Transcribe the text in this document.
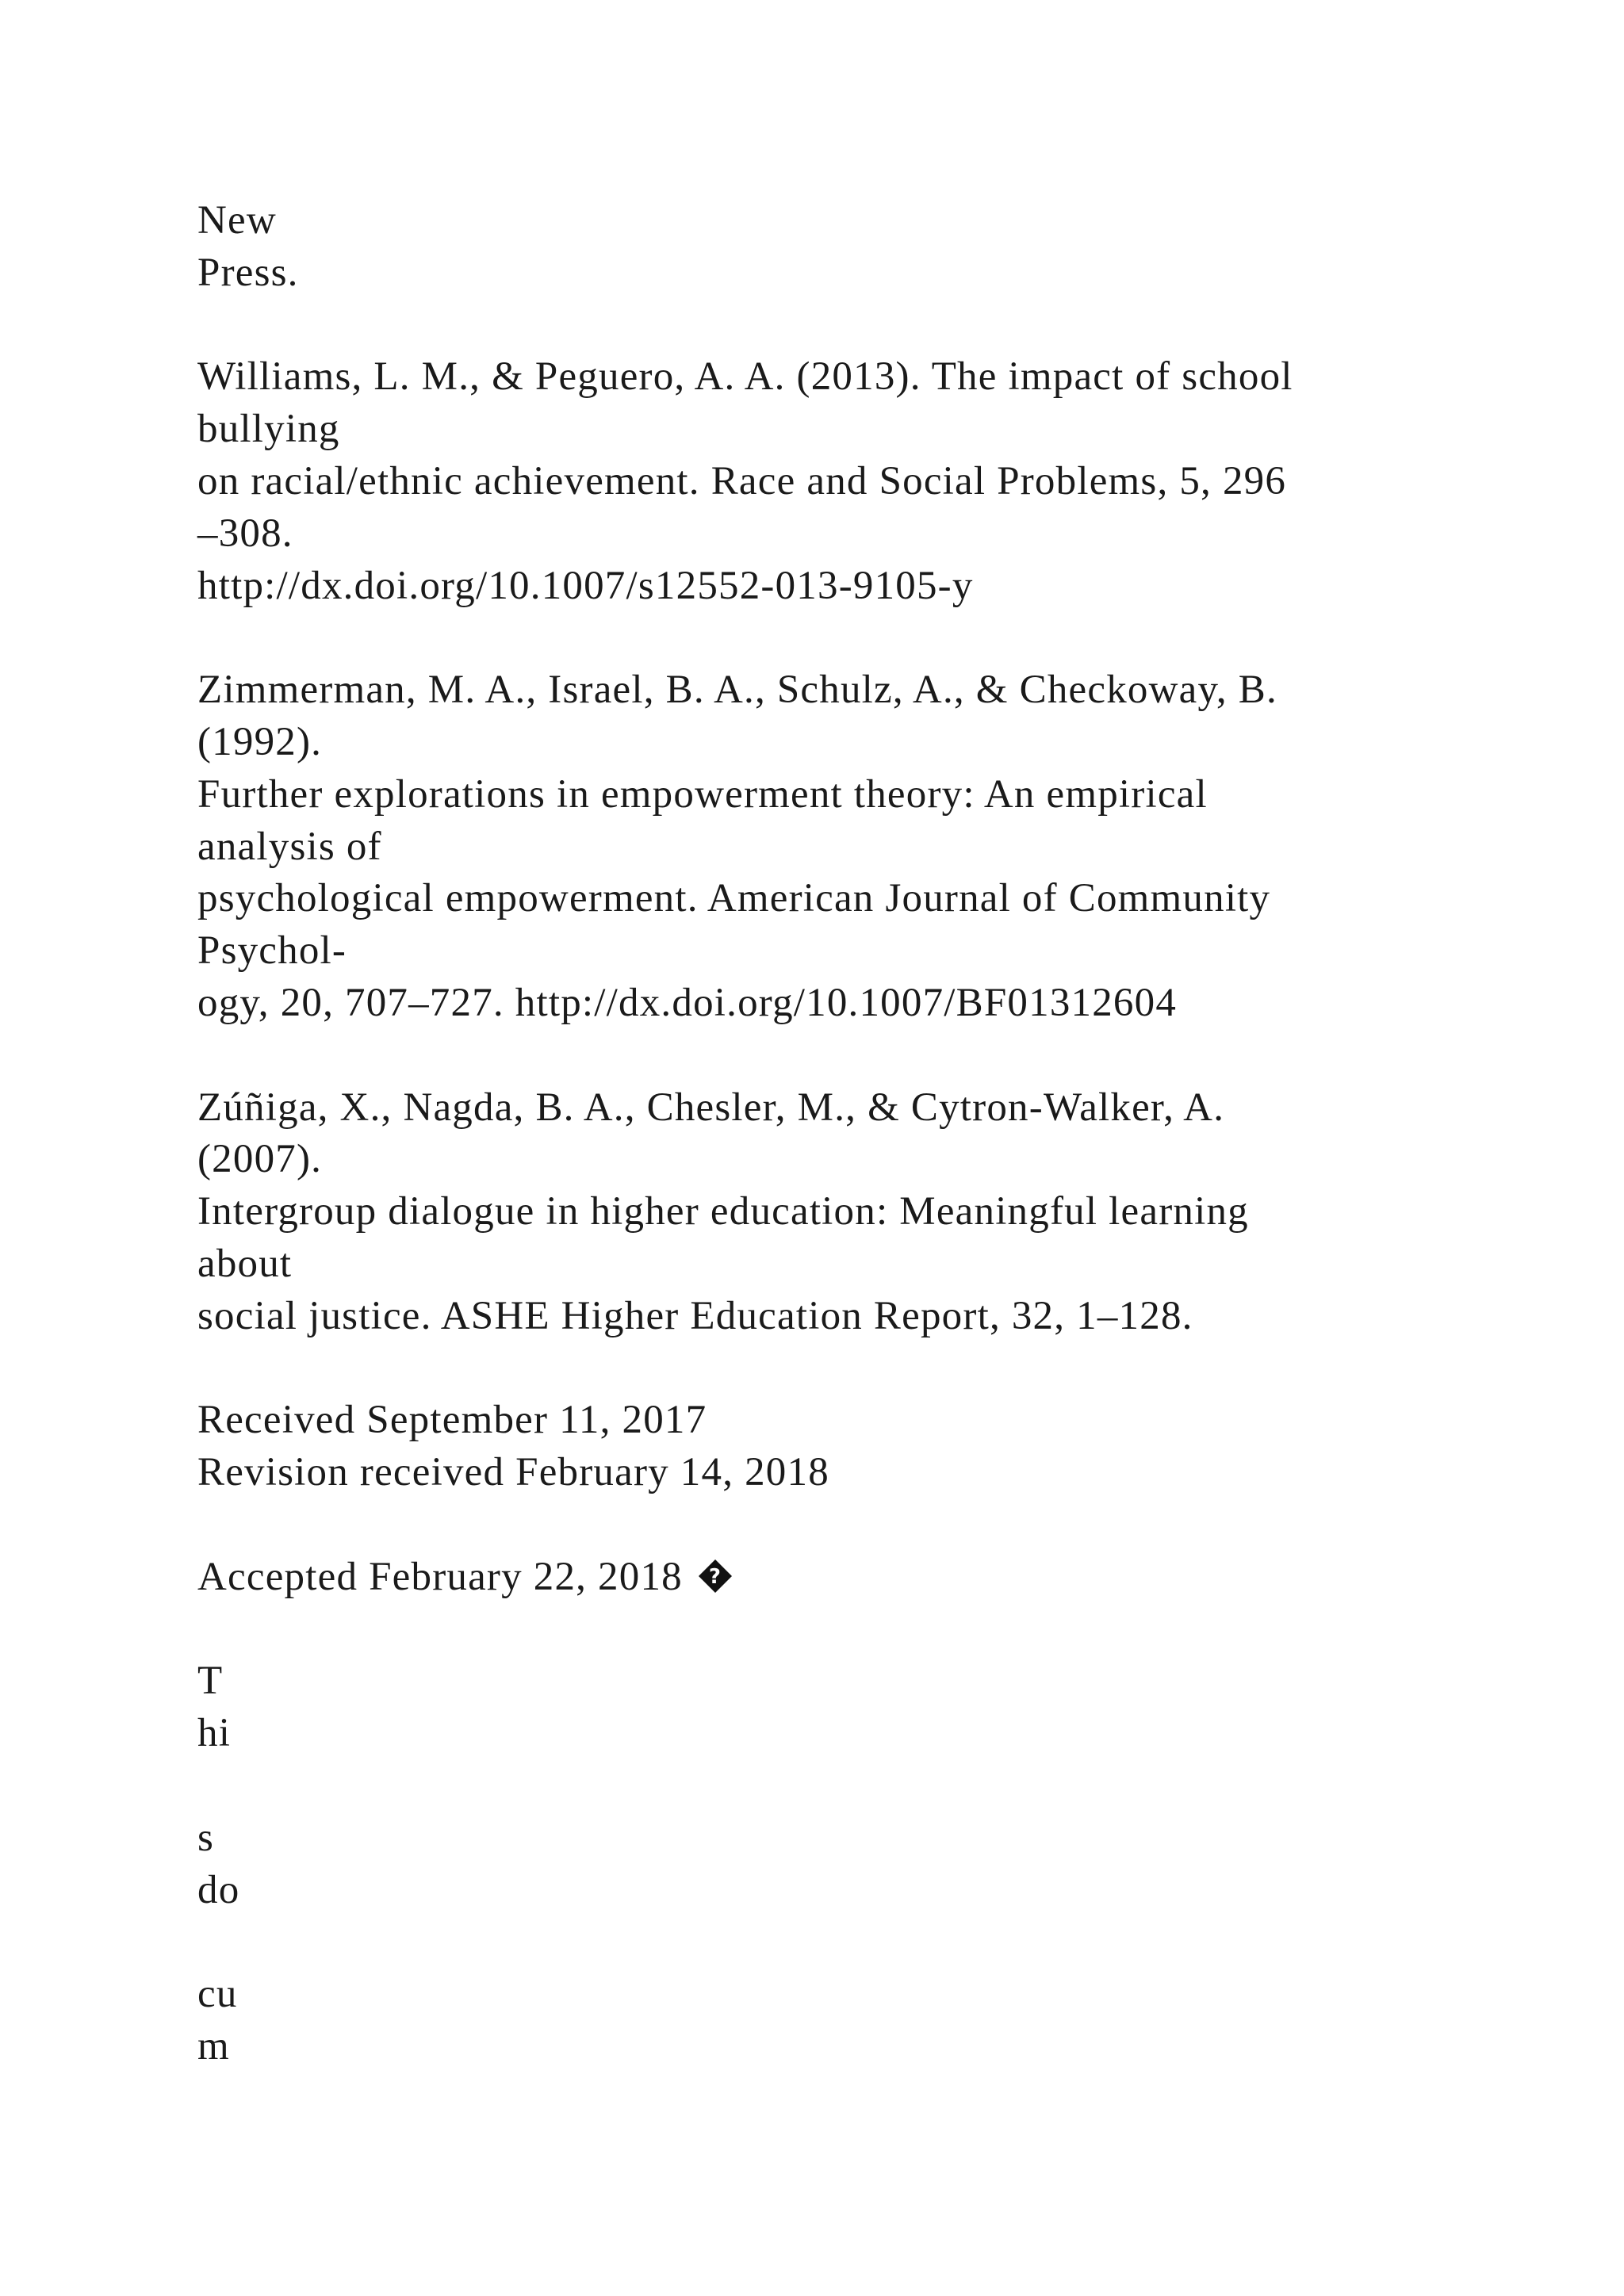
New
Press.
Williams, L. M., & Peguero, A. A. (2013). The impact of school
bullying
on racial/ethnic achievement. Race and Social Problems, 5, 296
–308.
http://dx.doi.org/10.1007/s12552-013-9105-y
Zimmerman, M. A., Israel, B. A., Schulz, A., & Checkoway, B.
(1992).
Further explorations in empowerment theory: An empirical
analysis of
psychological empowerment. American Journal of Community
Psychol-
ogy, 20, 707–727. http://dx.doi.org/10.1007/BF01312604
Zúñiga, X., Nagda, B. A., Chesler, M., & Cytron-Walker, A.
(2007).
Intergroup dialogue in higher education: Meaningful learning
about
social justice. ASHE Higher Education Report, 32, 1–128.
Received September 11, 2017
Revision received February 14, 2018
Accepted February 22, 2018 ?
T
hi
s
do
cu
m
